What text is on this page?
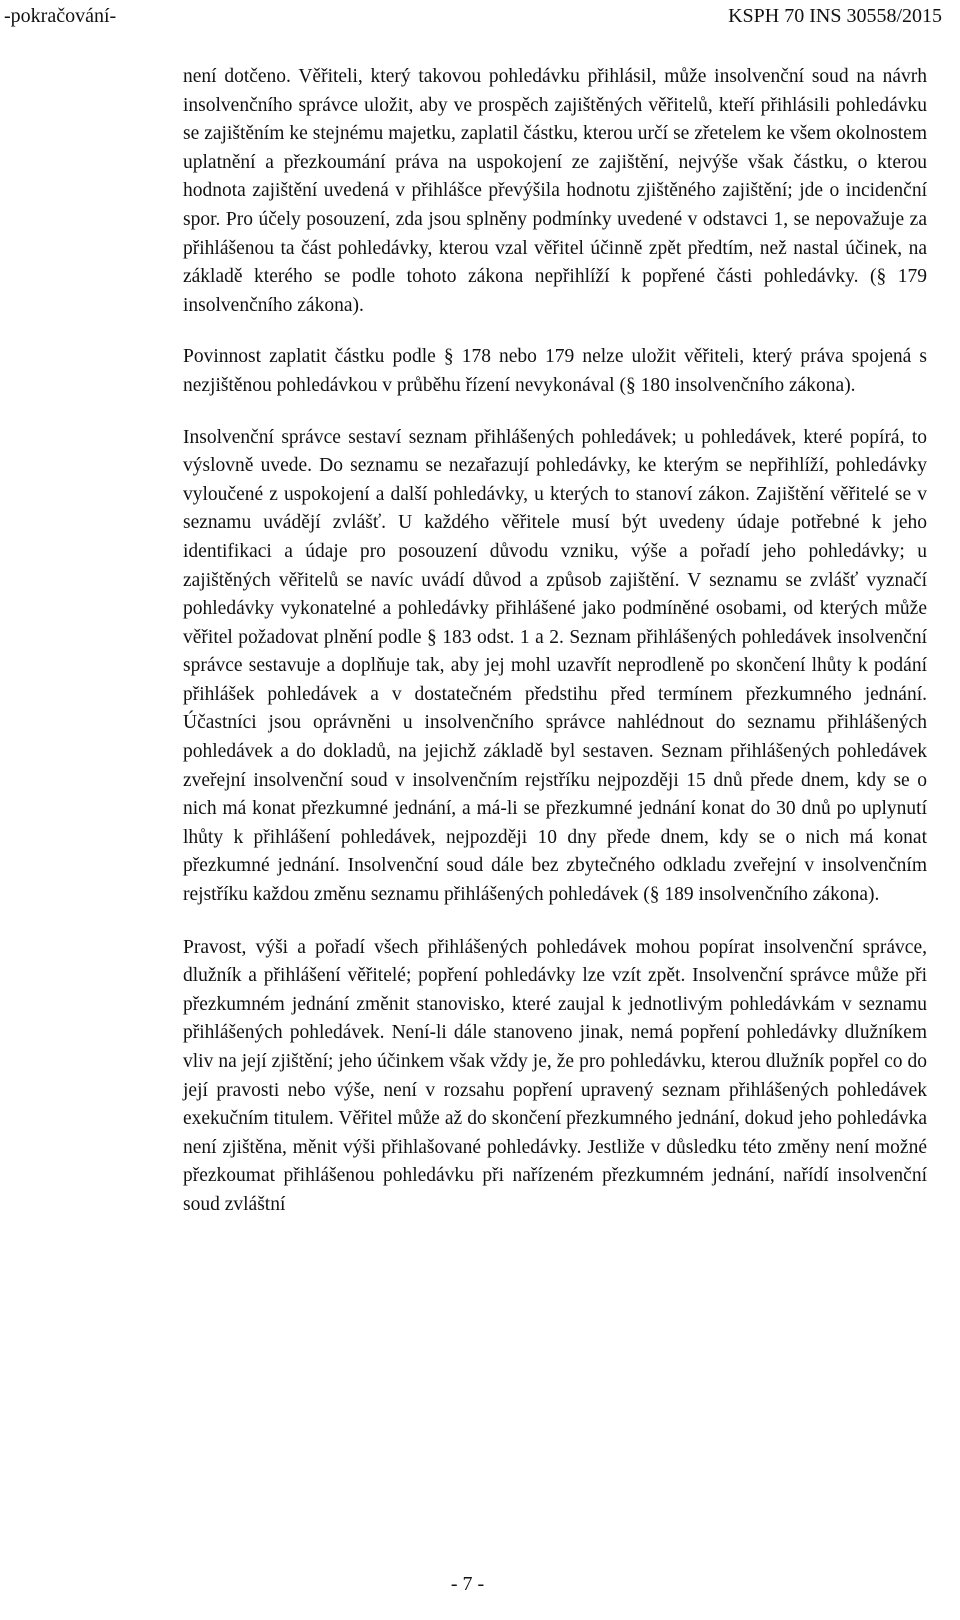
-pokračování-	KSPH 70 INS 30558/2015

není dotčeno. Věřiteli, který takovou pohledávku přihlásil, může insolvenční soud na návrh insolvenčního správce uložit, aby ve prospěch zajištěných věřitelů, kteří přihlásili pohledávku se zajištěním ke stejnému majetku, zaplatil částku, kterou určí se zřetelem ke všem okolnostem uplatnění a přezkoumání práva na uspokojení ze zajištění, nejvýše však částku, o kterou hodnota zajištění uvedená v přihlášce převýšila hodnotu zjištěného zajištění; jde o incidenční spor. Pro účely posouzení, zda jsou splněny podmínky uvedené v odstavci 1, se nepovažuje za přihlášenou ta část pohledávky, kterou vzal věřitel účinně zpět předtím, než nastal účinek, na základě kterého se podle tohoto zákona nepřihlíží k popřené části pohledávky. (§ 179 insolvenčního zákona).

Povinnost zaplatit částku podle § 178 nebo 179 nelze uložit věřiteli, který práva spojená s nezjištěnou pohledávkou v průběhu řízení nevykonával (§ 180 insolvenčního zákona).

Insolvenční správce sestaví seznam přihlášených pohledávek; u pohledávek, které popírá, to výslovně uvede. Do seznamu se nezařazují pohledávky, ke kterým se nepřihlíží, pohledávky vyloučené z uspokojení a další pohledávky, u kterých to stanoví zákon. Zajištění věřitelé se v seznamu uvádějí zvlášť. U každého věřitele musí být uvedeny údaje potřebné k jeho identifikaci a údaje pro posouzení důvodu vzniku, výše a pořadí jeho pohledávky; u zajištěných věřitelů se navíc uvádí důvod a způsob zajištění. V seznamu se zvlášť vyznačí pohledávky vykonatelné a pohledávky přihlášené jako podmíněné osobami, od kterých může věřitel požadovat plnění podle § 183 odst. 1 a 2. Seznam přihlášených pohledávek insolvenční správce sestavuje a doplňuje tak, aby jej mohl uzavřít neprodleně po skončení lhůty k podání přihlášek pohledávek a v dostatečném předstihu před termínem přezkumného jednání. Účastníci jsou oprávněni u insolvenčního správce nahlédnout do seznamu přihlášených pohledávek a do dokladů, na jejichž základě byl sestaven. Seznam přihlášených pohledávek zveřejní insolvenční soud v insolvenčním rejstříku nejpozději 15 dnů přede dnem, kdy se o nich má konat přezkumné jednání, a má-li se přezkumné jednání konat do 30 dnů po uplynutí lhůty k přihlášení pohledávek, nejpozději 10 dny přede dnem, kdy se o nich má konat přezkumné jednání. Insolvenční soud dále bez zbytečného odkladu zveřejní v insolvenčním rejstříku každou změnu seznamu přihlášených pohledávek (§ 189 insolvenčního zákona).

Pravost, výši a pořadí všech přihlášených pohledávek mohou popírat insolvenční správce, dlužník a přihlášení věřitelé; popření pohledávky lze vzít zpět. Insolvenční správce může při přezkumném jednání změnit stanovisko, které zaujal k jednotlivým pohledávkám v seznamu přihlášených pohledávek. Není-li dále stanoveno jinak, nemá popření pohledávky dlužníkem vliv na její zjištění; jeho účinkem však vždy je, že pro pohledávku, kterou dlužník popřel co do její pravosti nebo výše, není v rozsahu popření upravený seznam přihlášených pohledávek exekučním titulem. Věřitel může až do skončení přezkumného jednání, dokud jeho pohledávka není zjištěna, měnit výši přihlašované pohledávky. Jestliže v důsledku této změny není možné přezkoumat přihlášenou pohledávku při nařízeném přezkumném jednání, nařídí insolvenční soud zvláštní

- 7 -
